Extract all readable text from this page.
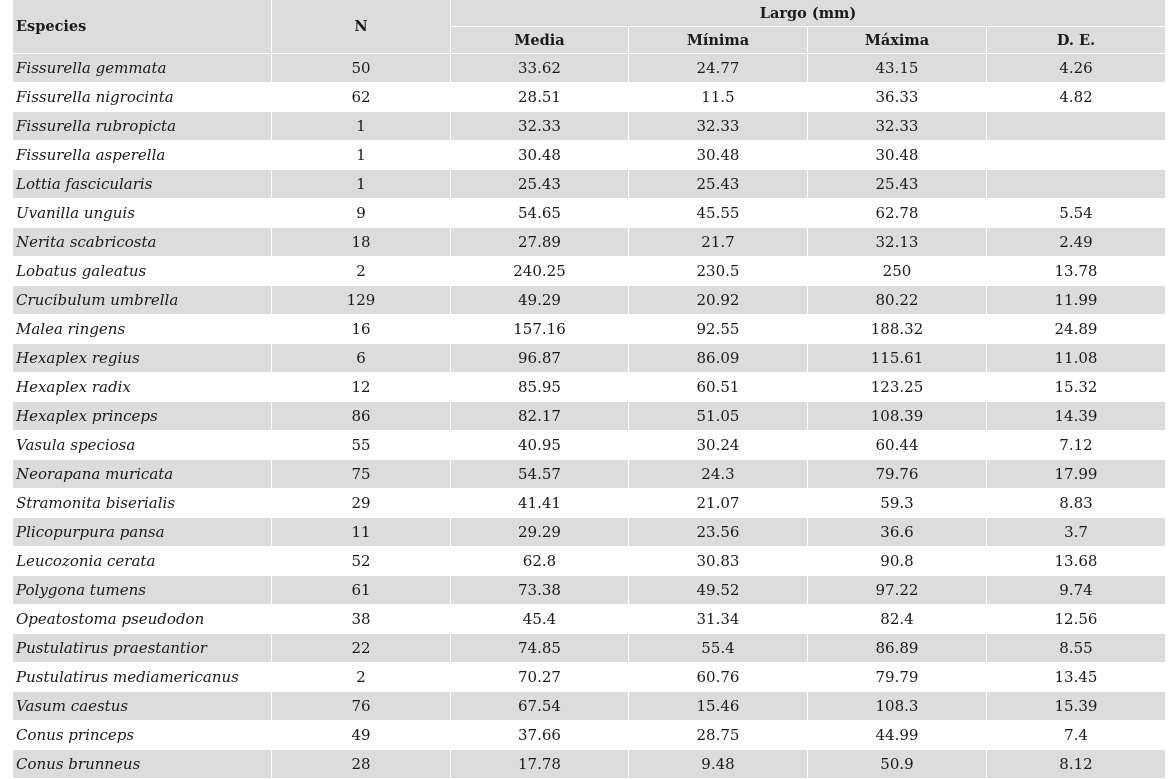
Especies	N	Largo (mm)			
		Media	Mínima	Máxima	D. E.
Fissurella gemmata	50	33.62	24.77	43.15	4.26
Fissurella nigrocinta	62	28.51	11.5	36.33	4.82
Fissurella rubropicta	1	32.33	32.33	32.33	
Fissurella asperella	1	30.48	30.48	30.48	
Lottia fascicularis	1	25.43	25.43	25.43	
Uvanilla unguis	9	54.65	45.55	62.78	5.54
Nerita scabricosta	18	27.89	21.7	32.13	2.49
Lobatus galeatus	2	240.25	230.5	250	13.78
Crucibulum umbrella	129	49.29	20.92	80.22	11.99
Malea ringens	16	157.16	92.55	188.32	24.89
Hexaplex regius	6	96.87	86.09	115.61	11.08
Hexaplex radix	12	85.95	60.51	123.25	15.32
Hexaplex princeps	86	82.17	51.05	108.39	14.39
Vasula speciosa	55	40.95	30.24	60.44	7.12
Neorapana muricata	75	54.57	24.3	79.76	17.99
Stramonita biserialis	29	41.41	21.07	59.3	8.83
Plicopurpura pansa	11	29.29	23.56	36.6	3.7
Leucozonia cerata	52	62.8	30.83	90.8	13.68
Polygona tumens	61	73.38	49.52	97.22	9.74
Opeatostoma pseudodon	38	45.4	31.34	82.4	12.56
Pustulatirus praestantior	22	74.85	55.4	86.89	8.55
Pustulatirus mediamericanus	2	70.27	60.76	79.79	13.45
Vasum caestus	76	67.54	15.46	108.3	15.39
Conus princeps	49	37.66	28.75	44.99	7.4
Conus brunneus	28	17.78	9.48	50.9	8.12
